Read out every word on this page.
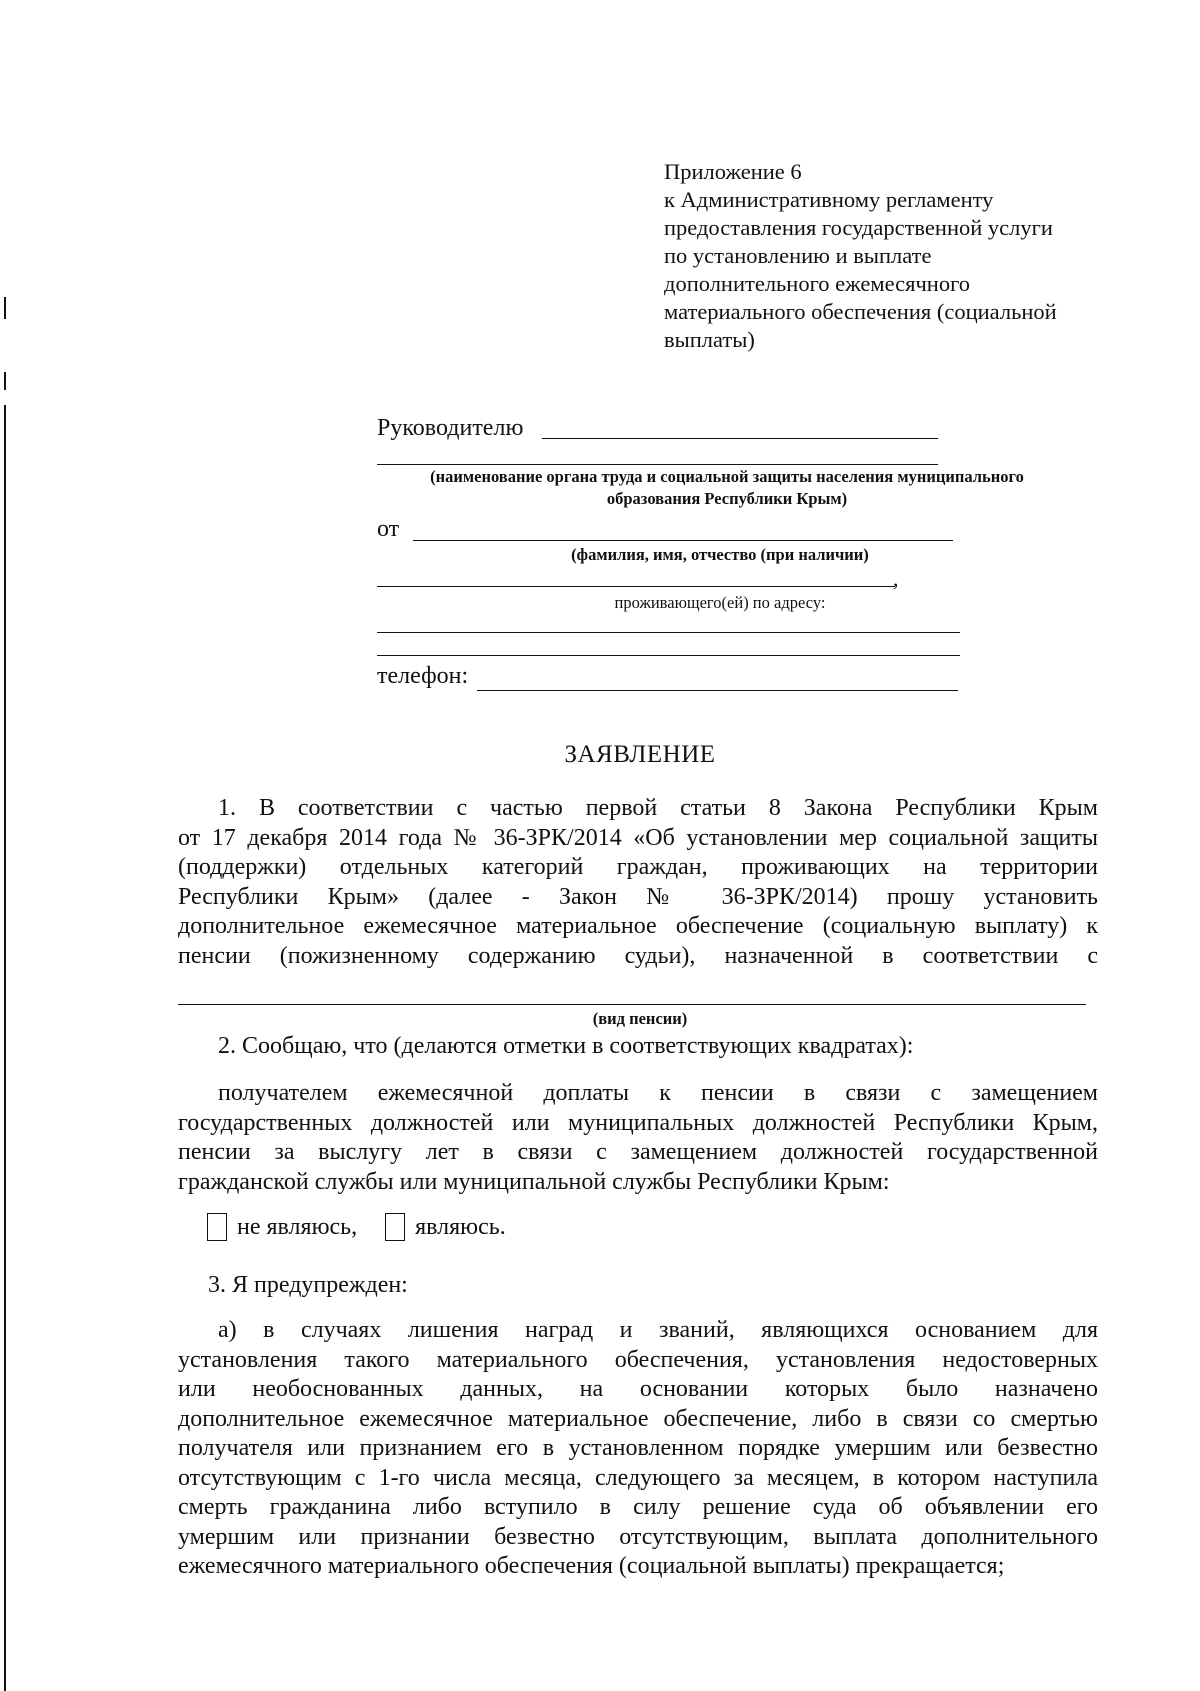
Приложение 6
к Административному регламенту
предоставления государственной услуги
по установлению и выплате
дополнительного ежемесячного
материального обеспечения (социальной
выплаты)
Руководителю
(наименование органа труда и социальной защиты населения муниципального
образования Республики Крым)
от
(фамилия, имя, отчество (при наличии)
,
проживающего(ей) по адресу:
телефон:
ЗАЯВЛЕНИЕ
1. В соответствии с частью первой статьи 8 Закона Республики Крым
от 17 декабря 2014 года № 36-ЗРК/2014 «Об установлении мер социальной защиты
(поддержки) отдельных категорий граждан, проживающих на территории
Республики Крым» (далее - Закон № 36-ЗРК/2014) прошу установить
дополнительное ежемесячное материальное обеспечение (социальную выплату) к
пенсии (пожизненному содержанию судьи), назначенной в соответствии с
(вид пенсии)
2. Сообщаю, что (делаются отметки в соответствующих квадратах):
получателем ежемесячной доплаты к пенсии в связи с замещением
государственных должностей или муниципальных должностей Республики Крым,
пенсии за выслугу лет в связи с замещением должностей государственной
гражданской службы или муниципальной службы Республики Крым:
не являюсь, являюсь.
3. Я предупрежден:
а) в случаях лишения наград и званий, являющихся основанием для
установления такого материального обеспечения, установления недостоверных
или необоснованных данных, на основании которых было назначено
дополнительное ежемесячное материальное обеспечение, либо в связи со смертью
получателя или признанием его в установленном порядке умершим или безвестно
отсутствующим с 1-го числа месяца, следующего за месяцем, в котором наступила
смерть гражданина либо вступило в силу решение суда об объявлении его
умершим или признании безвестно отсутствующим, выплата дополнительного
ежемесячного материального обеспечения (социальной выплаты) прекращается;
